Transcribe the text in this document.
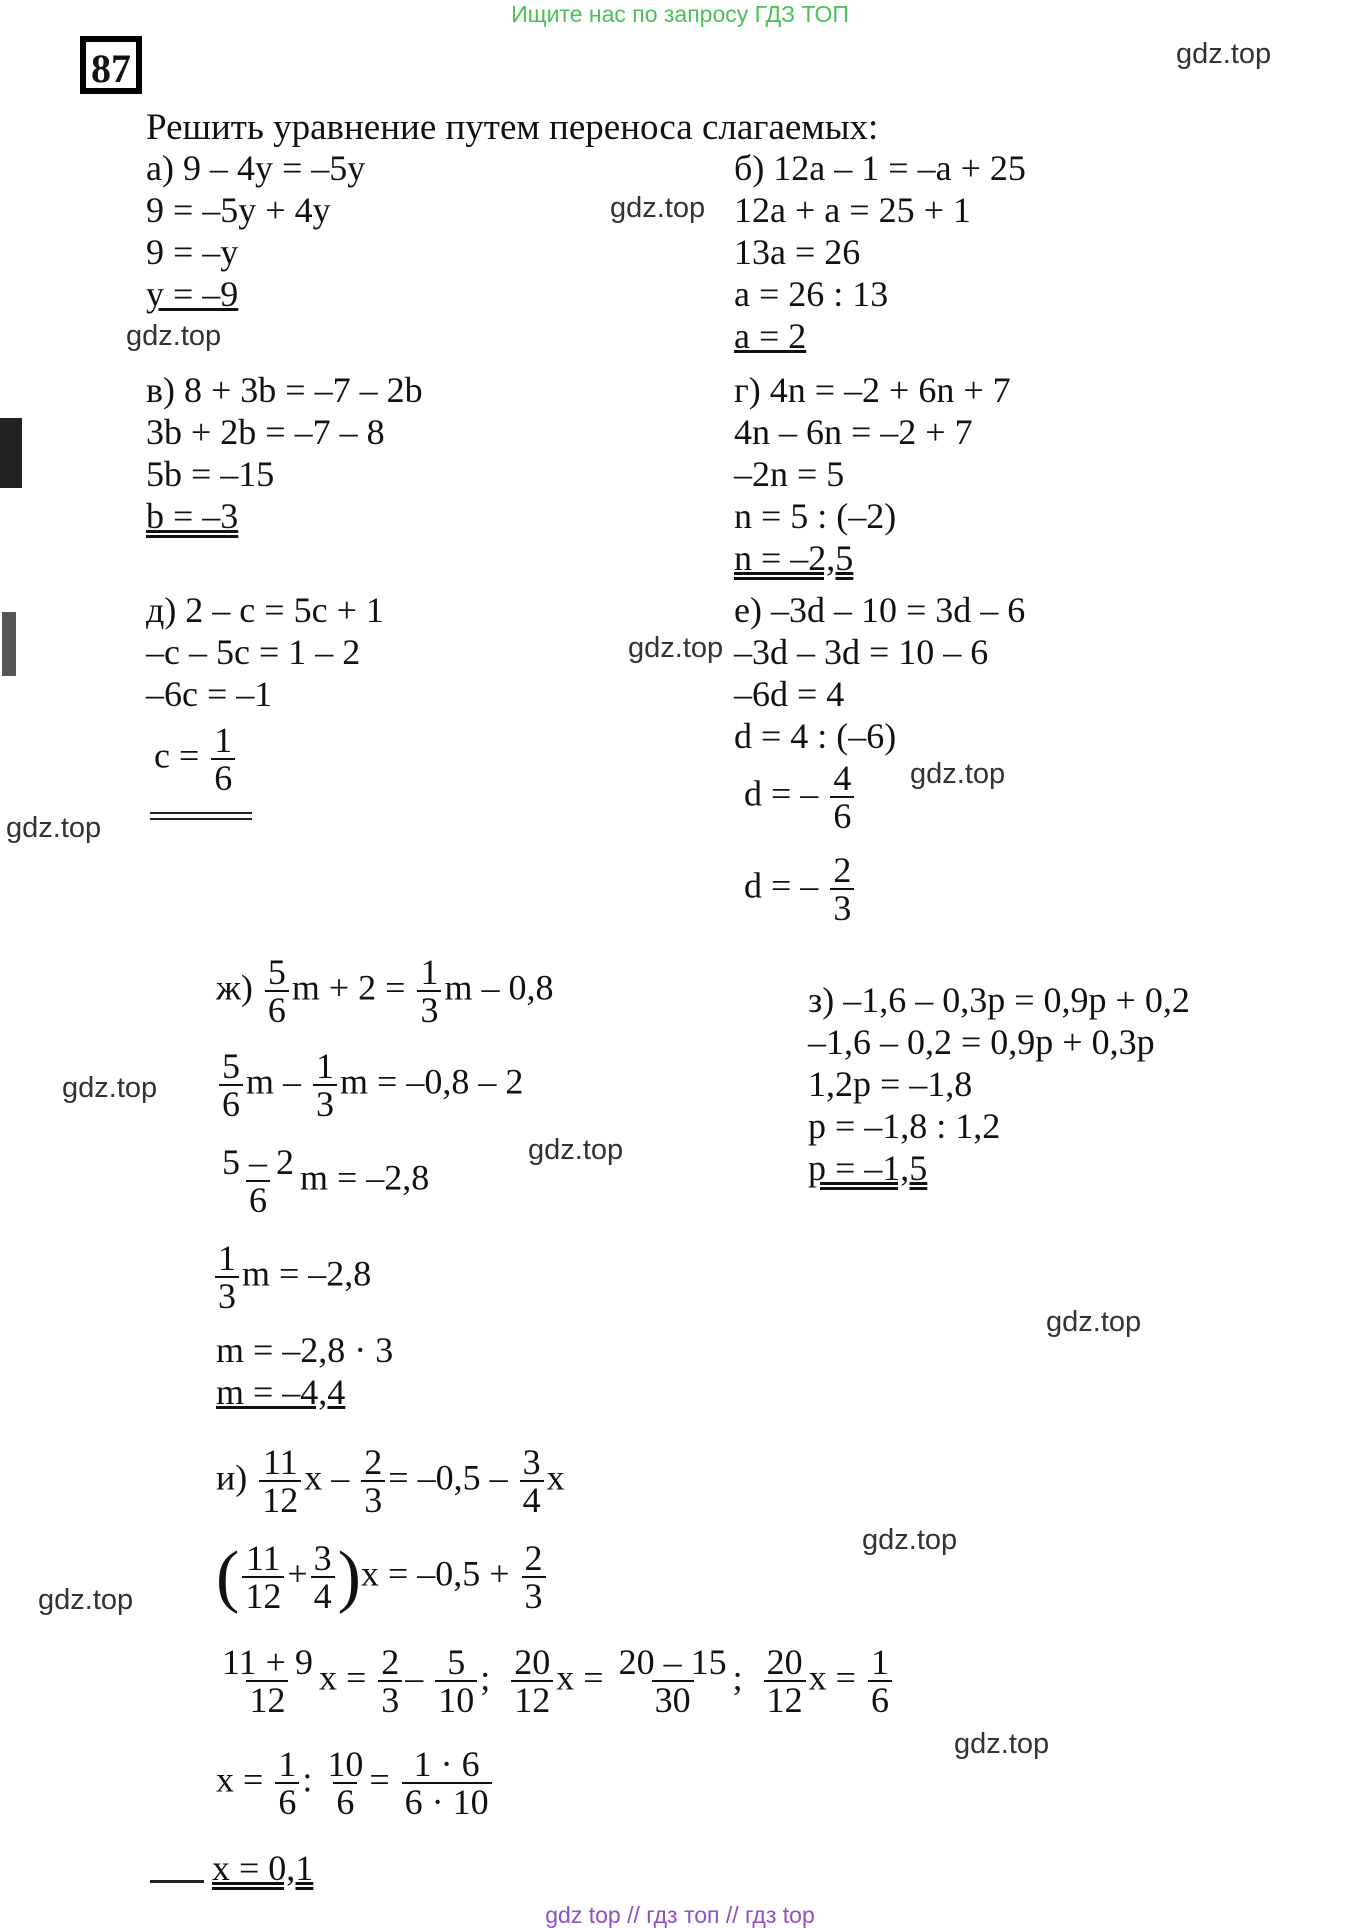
Ищите нас по запросу ГДЗ ТОП
87
Решить уравнение путем переноса слагаемых:
а) 9 – 4y = –5y
9 = –5y + 4y
9 = –y
y = –9
б) 12a – 1 = –a + 25
12a + a = 25 + 1
13a = 26
a = 26 : 13
a = 2
в) 8 + 3b = –7 – 2b
3b + 2b = –7 – 8
5b = –15
b = –3
г) 4n = –2 + 6n + 7
4n – 6n = –2 + 7
–2n = 5
n = 5 : (–2)
n = –2,5
д) 2 – c = 5c + 1
–c – 5c = 1 – 2
–6c = –1
$c = \frac{1}{6}$
е) –3d – 10 = 3d – 6
–3d – 3d = 10 – 6
–6d = 4
d = 4 : (–6)
d = – $\frac{4}{6}$
d = – $\frac{2}{3}$
$ж) \frac{5}{6}$ $m + 2 = \frac{1}{3}$ m – 0,8
$\frac{5}{6}$ m – $\frac{1}{3}$ m = –0,8 – 2
$\frac{5 - 2}{6}$ m = –2,8
$\frac{1}{3}$ m = –2,8
m = –2,8 · 3
m = –4,4
з) –1,6 – 0,3p = 0,9p + 0,2
–1,6 – 0,2 = 0,9p + 0,3p
1,2p = –1,8
p = –1,8 : 1,2
p = –1,5
$и) \frac{11}{12}$ $x - \frac{2}{3} = -0,5 - \frac{3}{4}$ x
( $\frac{11}{12} + \frac{3}{4} )x = -0,5 + \frac{2}{3}$
$\frac{11 + 9}{12}$ $x = \frac{2}{3} - \frac{5}{10}$ ; $\frac{20}{12}$ $x = \frac{20 - 15}{30}$ ; $\frac{20}{12}$ $x = \frac{1}{6}$
$x = \frac{1}{6}$ : $\frac{10}{6} = \frac{1 \cdot 6}{6 \cdot 10}$
x = 0,1
gdz.top
gdz.top
gdz.top
gdz.top
gdz.top
gdz.top
gdz.top
gdz.top
gdz.top
gdz.top
gdz.top
gdz.top
gdz top // гдз топ // гдз top
